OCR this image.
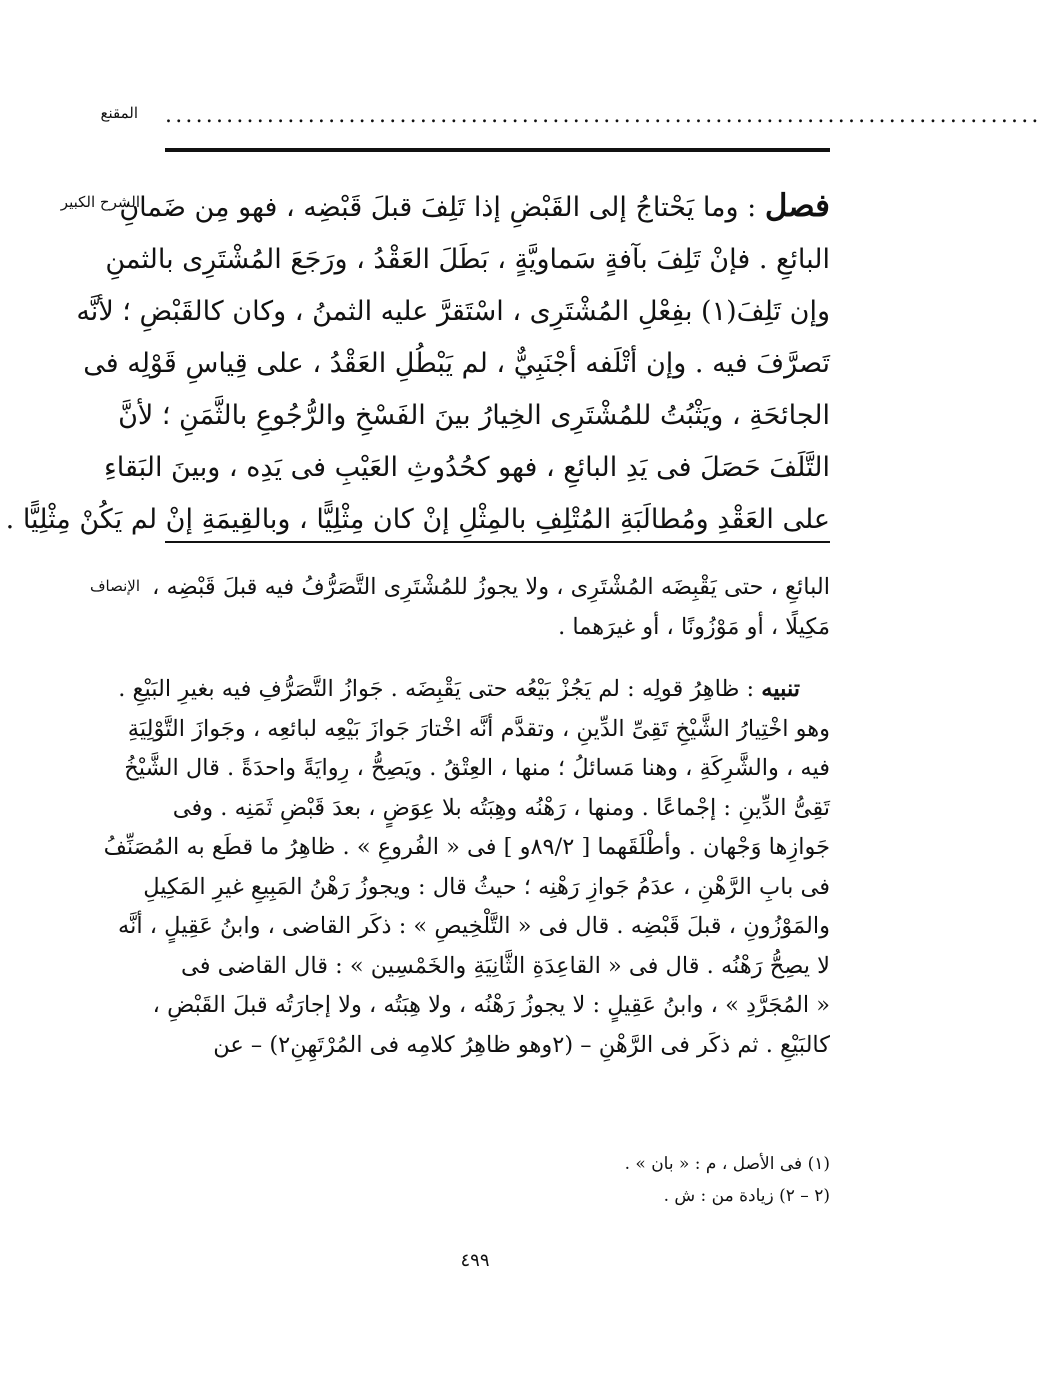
المقنع ......................................................................................
الشرح الكبير	فصل : وما يَحْتاجُ إلى القَبْضِ إذا تَلِفَ قبلَ قَبْضِه ، فهو مِن ضَمانِ
البائعِ . فإنْ تَلِفَ بآفةٍ سَماويَّةٍ ، بَطَلَ العَقْدُ ، ورَجَعَ المُشْتَرِى بالثمنِ
وإن تَلِفَ(١) بفِعْلِ المُشْتَرِى ، اسْتَقرَّ عليه الثمنُ ، وكان كالقَبْضِ ؛ لأنَّه
تَصرَّفَ فيه . وإن أتْلَفه أجْنَبِيٌّ ، لم يَبْطُلِ العَقْدُ ، على قِياسِ قَوْلِه فى
الجائحَةِ ، ويَثْبُتُ للمُشْتَرِى الخِيارُ بينَ الفَسْخِ والرُّجُوعِ بالثَّمَنِ ؛ لأنَّ
التَّلَفَ حَصَلَ فى يَدِ البائعِ ، فهو كحُدُوثِ العَيْبِ فى يَدِه ، وبينَ البَقاءِ
على العَقْدِ ومُطالَبَةِ المُتْلِفِ بالمِثْلِ إنْ كان مِثْلِيًّا ، وبالقِيمَةِ إنْ لم يَكُنْ مِثْلِيًّا .
الإنصاف البائعِ ، حتى يَقْبِضَه المُشْتَرِى ، ولا يجوزُ للمُشْتَرِى التَّصَرُّفُ فيه قبلَ قَبْضِه ،
مَكِيلًا ، أو مَوْزُونًا ، أو غيرَهما .
تنبيه : ظاهِرُ قولِه : لم يَجُزْ بَيْعُه حتى يَقْبِضَه . جَوازُ التَّصَرُّفِ فيه بغيرِ البَيْعِ .
وهو اخْتِيارُ الشَّيْخِ تَقِىِّ الدِّينِ ، وتقدَّم أنَّه اخْتارَ جَوازَ بَيْعِه لبائعِه ، وجَوازَ التَّوْلِيَةِ
فيه ، والشَّرِكَةِ ، وهنا مَسائلُ ؛ منها ، العِتْقُ . ويَصِحُّ ، رِوايَةً واحدَةً . قال الشَّيْخُ
تَقِىُّ الدِّينِ : إجْماعًا . ومنها ، رَهْنُه وهِبَتُه بلا عِوَضٍ ، بعدَ قَبْضِ ثَمَنِه . وفى
جَوازِها وَجْهان . وأطْلَقَهما [ ٨٩/٢و ] فى « الفُروعِ » . ظاهِرُ ما قطَع به المُصَنِّفُ
فى بابِ الرَّهْنِ ، عدَمُ جَوازِ رَهْنِه ؛ حيثُ قال : ويجوزُ رَهْنُ المَبِيعِ غيرِ المَكِيلِ
والمَوْزُونِ ، قبلَ قَبْضِه . قال فى « التَّلْخِيصِ » : ذكَر القاضى ، وابنُ عَقِيلٍ ، أنَّه
لا يصِحُّ رَهْنُه . قال فى « القاعِدَةِ الثَّانِيَةِ والخَمْسِين » : قال القاضى فى
« المُجَرَّدِ » ، وابنُ عَقِيلٍ : لا يجوزُ رَهْنُه ، ولا هِبَتُه ، ولا إجارَتُه قبلَ القَبْضِ ،
كالبَيْعِ . ثم ذكَر فى الرَّهْنِ – (٢وهو ظاهِرُ كلامِه فى المُرْتَهِنِ٢) – عن
(١) فى الأصل ، م : « بان » .
(٢ – ٢) زيادة من : ش .
٤٩٩
